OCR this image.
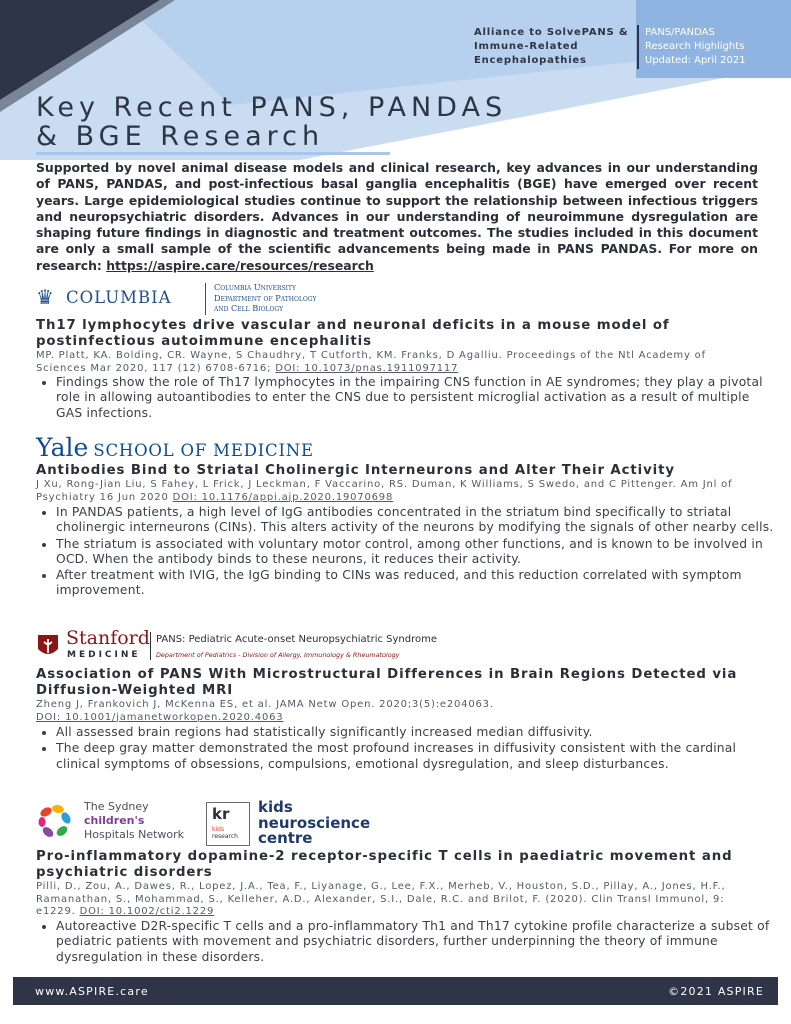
Alliance to SolvePANS &
Immune-Related
Encephalopathies
PANS/PANDAS
Research Highlights
Updated: April 2021
Key Recent PANS, PANDAS
& BGE Research
Supported by novel animal disease models and clinical research, key advances in our understanding of PANS, PANDAS, and post-infectious basal ganglia encephalitis (BGE) have emerged over recent years. Large epidemiological studies continue to support the relationship between infectious triggers and neuropsychiatric disorders. Advances in our understanding of neuroimmune dysregulation are shaping future findings in diagnostic and treatment outcomes. The studies included in this document are only a small sample of the scientific advancements being made in PANS PANDAS. For more on research: https://aspire.care/resources/research
♛ COLUMBIA
Columbia University
Department of Pathology
and Cell Biology
Th17 lymphocytes drive vascular and neuronal deficits in a mouse model of postinfectious autoimmune encephalitis
MP. Platt, KA. Bolding, CR. Wayne, S Chaudhry, T Cutforth, KM. Franks, D Agalliu. Proceedings of the Ntl Academy of Sciences Mar 2020, 117 (12) 6708-6716; DOI: 10.1073/pnas.1911097117
• Findings show the role of Th17 lymphocytes in the impairing CNS function in AE syndromes; they play a pivotal role in allowing autoantibodies to enter the CNS due to persistent microglial activation as a result of multiple GAS infections.
Yale SCHOOL OF MEDICINE
Antibodies Bind to Striatal Cholinergic Interneurons and Alter Their Activity
J Xu, Rong-Jian Liu, S Fahey, L Frick, J Leckman, F Vaccarino, RS. Duman, K Williams, S Swedo, and C Pittenger. Am Jnl of Psychiatry 16 Jun 2020 DOI: 10.1176/appi.ajp.2020.19070698
• In PANDAS patients, a high level of IgG antibodies concentrated in the striatum bind specifically to striatal cholinergic interneurons (CINs). This alters activity of the neurons by modifying the signals of other nearby cells.
• The striatum is associated with voluntary motor control, among other functions, and is known to be involved in OCD. When the antibody binds to these neurons, it reduces their activity.
• After treatment with IVIG, the IgG binding to CINs was reduced, and this reduction correlated with symptom improvement.
Stanford
MEDICINE
PANS: Pediatric Acute-onset Neuropsychiatric Syndrome
Department of Pediatrics - Division of Allergy, Immunology & Rheumatology
Association of PANS With Microstructural Differences in Brain Regions Detected via Diffusion-Weighted MRI
Zheng J, Frankovich J, McKenna ES, et al. JAMA Netw Open. 2020;3(5):e204063.
DOI: 10.1001/jamanetworkopen.2020.4063
• All assessed brain regions had statistically significantly increased median diffusivity.
• The deep gray matter demonstrated the most profound increases in diffusivity consistent with the cardinal clinical symptoms of obsessions, compulsions, emotional dysregulation, and sleep disturbances.
The Sydney
children's
Hospitals Network
kr
kids
research
kids
neuroscience
centre
Pro-inflammatory dopamine-2 receptor-specific T cells in paediatric movement and psychiatric disorders
Pilli, D., Zou, A., Dawes, R., Lopez, J.A., Tea, F., Liyanage, G., Lee, F.X., Merheb, V., Houston, S.D., Pillay, A., Jones, H.F., Ramanathan, S., Mohammad, S., Kelleher, A.D., Alexander, S.I., Dale, R.C. and Brilot, F. (2020). Clin Transl Immunol, 9: e1229. DOI: 10.1002/cti2.1229
• Autoreactive D2R-specific T cells and a pro-inflammatory Th1 and Th17 cytokine profile characterize a subset of pediatric patients with movement and psychiatric disorders, further underpinning the theory of immune dysregulation in these disorders.
www.ASPIRE.care	©2021 ASPIRE
